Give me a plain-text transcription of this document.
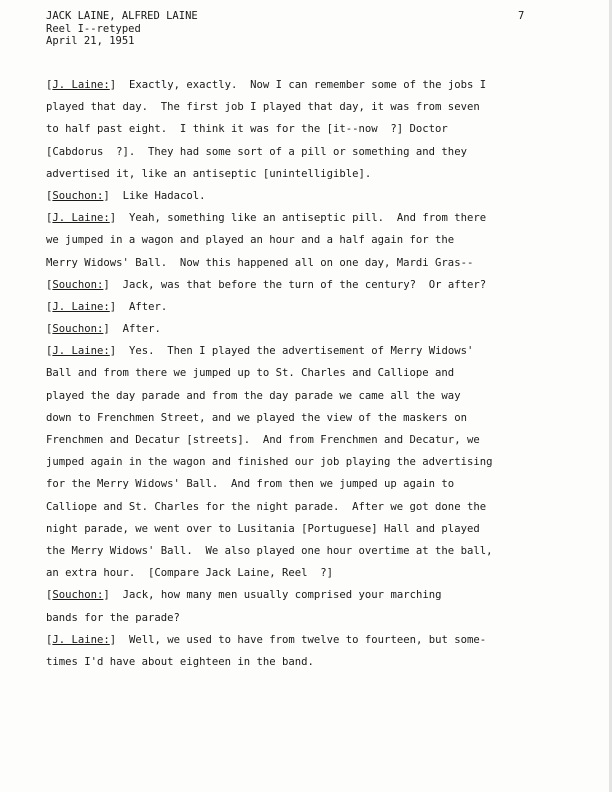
JACK LAINE, ALFRED LAINE
Reel I--retyped
April 21, 1951
7
[J. Laine:]  Exactly, exactly.  Now I can remember some of the jobs I
played that day.  The first job I played that day, it was from seven
to half past eight.  I think it was for the [it--now  ?] Doctor
[Cabdorus  ?].  They had some sort of a pill or something and they
advertised it, like an antiseptic [unintelligible].
[Souchon:]  Like Hadacol.
[J. Laine:]  Yeah, something like an antiseptic pill.  And from there
we jumped in a wagon and played an hour and a half again for the
Merry Widows' Ball.  Now this happened all on one day, Mardi Gras--
[Souchon:]  Jack, was that before the turn of the century?  Or after?
[J. Laine:]  After.
[Souchon:]  After.
[J. Laine:]  Yes.  Then I played the advertisement of Merry Widows'
Ball and from there we jumped up to St. Charles and Calliope and
played the day parade and from the day parade we came all the way
down to Frenchmen Street, and we played the view of the maskers on
Frenchmen and Decatur [streets].  And from Frenchmen and Decatur, we
jumped again in the wagon and finished our job playing the advertising
for the Merry Widows' Ball.  And from then we jumped up again to
Calliope and St. Charles for the night parade.  After we got done the
night parade, we went over to Lusitania [Portuguese] Hall and played
the Merry Widows' Ball.  We also played one hour overtime at the ball,
an extra hour.  [Compare Jack Laine, Reel  ?]
[Souchon:]  Jack, how many men usually comprised your marching
bands for the parade?
[J. Laine:]  Well, we used to have from twelve to fourteen, but some-
times I'd have about eighteen in the band.
